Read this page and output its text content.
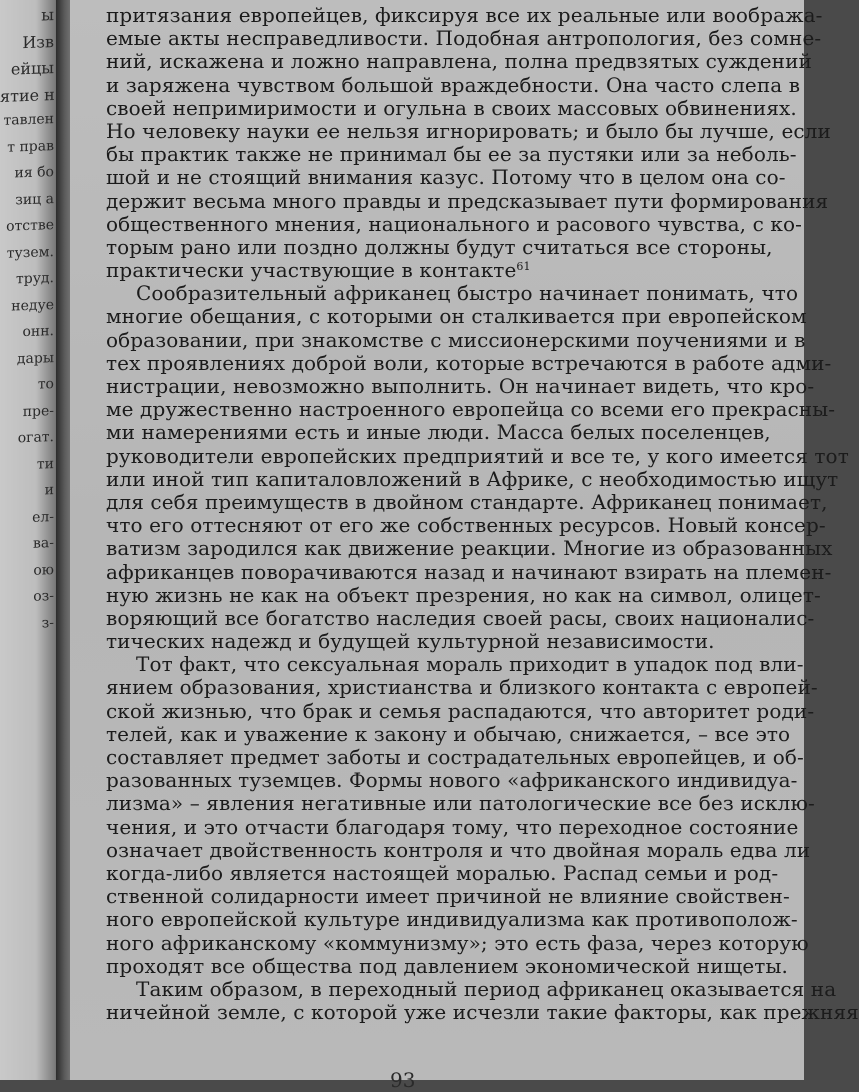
ы
Изв
ейцы
ятие н
тавлен
т прав
ия бо
зиц а
отстве
тузем.
труд.
недуе
онн.
дары
то
пре-
огат.
ти
и
ел-
ва-
ою
оз-
з-
притязания европейцев, фиксируя все их реальные или вообража-
емые акты несправедливости. Подобная антропология, без сомне-
ний, искажена и ложно направлена, полна предвзятых суждений
и заряжена чувством большой враждебности. Она часто слепа в
своей непримиримости и огульна в своих массовых обвинениях.
Но человеку науки ее нельзя игнорировать; и было бы лучше, если
бы практик также не принимал бы ее за пустяки или за неболь-
шой и не стоящий внимания казус. Потому что в целом она со-
держит весьма много правды и предсказывает пути формирования
общественного мнения, национального и расового чувства, с ко-
торым рано или поздно должны будут считаться все стороны,
практически участвующие в контакте$^{61}$
Сообразительный африканец быстро начинает понимать, что
многие обещания, с которыми он сталкивается при европейском
образовании, при знакомстве с миссионерскими поучениями и в
тех проявлениях доброй воли, которые встречаются в работе адми-
нистрации, невозможно выполнить. Он начинает видеть, что кро-
ме дружественно настроенного европейца со всеми его прекрасны-
ми намерениями есть и иные люди. Масса белых поселенцев,
руководители европейских предприятий и все те, у кого имеется тот
или иной тип капиталовложений в Африке, с необходимостью ищут
для себя преимуществ в двойном стандарте. Африканец понимает,
что его оттесняют от его же собственных ресурсов. Новый консер-
ватизм зародился как движение реакции. Многие из образованных
африканцев поворачиваются назад и начинают взирать на племен-
ную жизнь не как на объект презрения, но как на символ, олицет-
воряющий все богатство наследия своей расы, своих националис-
тических надежд и будущей культурной независимости.
Тот факт, что сексуальная мораль приходит в упадок под вли-
янием образования, христианства и близкого контакта с европей-
ской жизнью, что брак и семья распадаются, что авторитет роди-
телей, как и уважение к закону и обычаю, снижается, – все это
составляет предмет заботы и сострадательных европейцев, и об-
разованных туземцев. Формы нового «африканского индивидуа-
лизма» – явления негативные или патологические все без исклю-
чения, и это отчасти благодаря тому, что переходное состояние
означает двойственность контроля и что двойная мораль едва ли
когда-либо является настоящей моралью. Распад семьи и род-
ственной солидарности имеет причиной не влияние свойствен-
ного европейской культуре индивидуализма как противополож-
ного африканскому «коммунизму»; это есть фаза, через которую
проходят все общества под давлением экономической нищеты.
Таким образом, в переходный период африканец оказывается на
ничейной земле, с которой уже исчезли такие факторы, как прежняя
93
